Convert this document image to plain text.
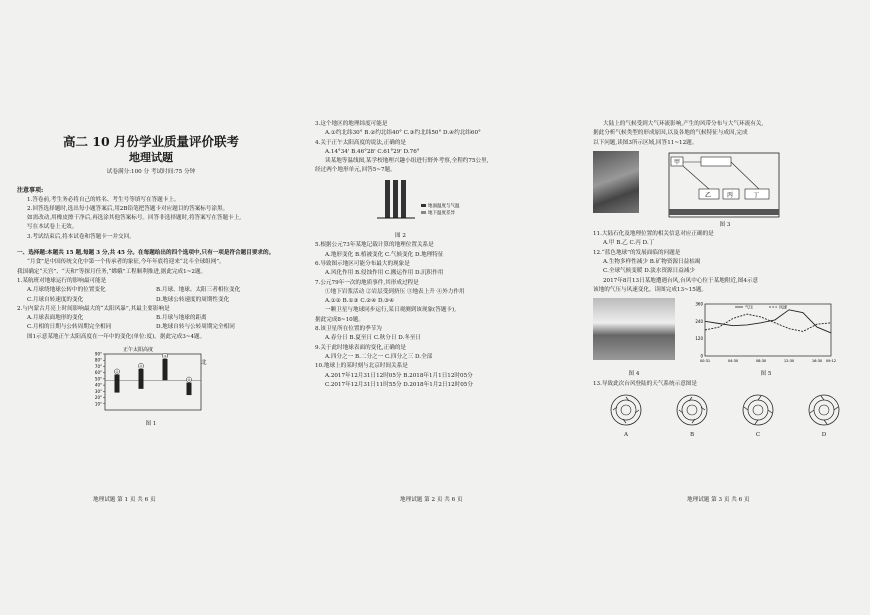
高二 10 月份学业质量评价联考
地理试题
试卷满分:100 分 考试时间:75 分钟
注意事项:

1.答卷前,考生务必将自己的姓名、考生号等填写在答题卡上。

2.回答选择题时,选出每小题答案后,用2B铅笔把答题卡对应题目的答案标号涂黑。

如需改动,用橡皮擦干净后,再选涂其他答案标号。回答非选择题时,将答案写在答题卡上,

写在本试卷上无效。

3.考试结束后,将本试卷和答题卡一并交回。

一、选择题:本题共 15 题,每题 3 分,共 45 分。在每题给出的四个选项中,只有一项是符合题目要求的。

“月食”是中国传统文化中第一个传承者的象征,今年年底将迎来“北斗全球组网”。

我国确定“天宫”、“天和”等探月任务,“嫦娥”工程顺利推进,据此完成1~2题。

1.某航班对地球运行的影响最可能是

A.月球绕地球公转中的位置变化	B.月球、地球、太阳三者相位变化
C.月球自转速度的变化	D.地球公转速度的周期性变化

2.与内蒙古月亮上时间影响最大的“太阳风暴”,其最主要影响是

A.月球表面地形的变化	B.月球与地球的距离
C.月相的日期与公转周期完全相同	D.地球自转与公转周期完全相同

图1示意某地正午太阳高度在一年中的变化(单位:度)。据此完成3~4题。

正午太阳高度
北
90°
80°
70°
60°
50°
40°
30°
20°
10°
①
②
③
④
图 1
地理试题 第 1 页 共 6 页

3.这个地区的地理纬度可能是

A.①约北纬30° B.②约北纬40° C.③约北纬50° D.④约北纬60°

4.关于正午太阳高度的说法,正确的是

A.14°34' B.46°28' C.61°29' D.76°

读某地等温线图,某学校地理兴趣小组进行野外考察,全程约75公里,

经过两个地形单元,回答5~7题。

地面温度与气温
地下温度差异
图 2

5.根据公元73年某地记载计算的地理位置关系是

A.地形变化 B.植被变化 C.气候变化 D.地理特征

6.导致图示地区可能分布最大的现象是

A.风化作用 B.侵蚀作用 C.搬运作用 D.沉积作用

7.公元79年一次的地质事件,其形成过程是

①地下岩浆活动 ②岩层受到挤压 ③地表上升 ④外力作用

A.①② B.①③ C.②④ D.③④

一颗卫星与地球同步运行,某日观测到该现象(答题卡),

据此完成8~10题。

8.该卫星所在位置的季节为

A.春分日 B.夏至日 C.秋分日 D.冬至日

9.关于此时地球表面的变化,正确的是

A.四分之一 B.二分之一 C.四分之三 D.全部

10.地球上的某时刻与北京时间关系是

A.2017年12月31日12时05分 B.2018年1月1日12时05分

C.2017年12月31日11时55分 D.2018年1月2日12时05分

地理试题 第 2 页 共 6 页

大陆上的气候受到大气环流影响,产生的风带分布与大气环流有关,

据此分析气候类型的形成原因,以及各地的气候特征与成因,完成

以下问题,读图3所示区域,回答11~12题。

甲
乙	丙	丁
图 3

11.大陆石化及地理位置的相关信息对应正确的是

A.甲 B.乙 C.丙 D.丁

12.“蓝色地球”的发展面临的问题是

A.生物多样性减少 B.矿物资源日益枯竭

C.全球气候变暖 D.淡水资源日益减少

2017年8月13日某地遭遇台风,台风中心位于某地附近,图4示意

该地的气压与风速变化。读图完成13~15题。

0
120
240
360
00:31	04:30	08:30	12:30	16:30 09:12
气压	风速
图 4	图 5

13.导致此次台风登陆的天气系统示意图是

A	B	C	D
地理试题 第 3 页 共 6 页
